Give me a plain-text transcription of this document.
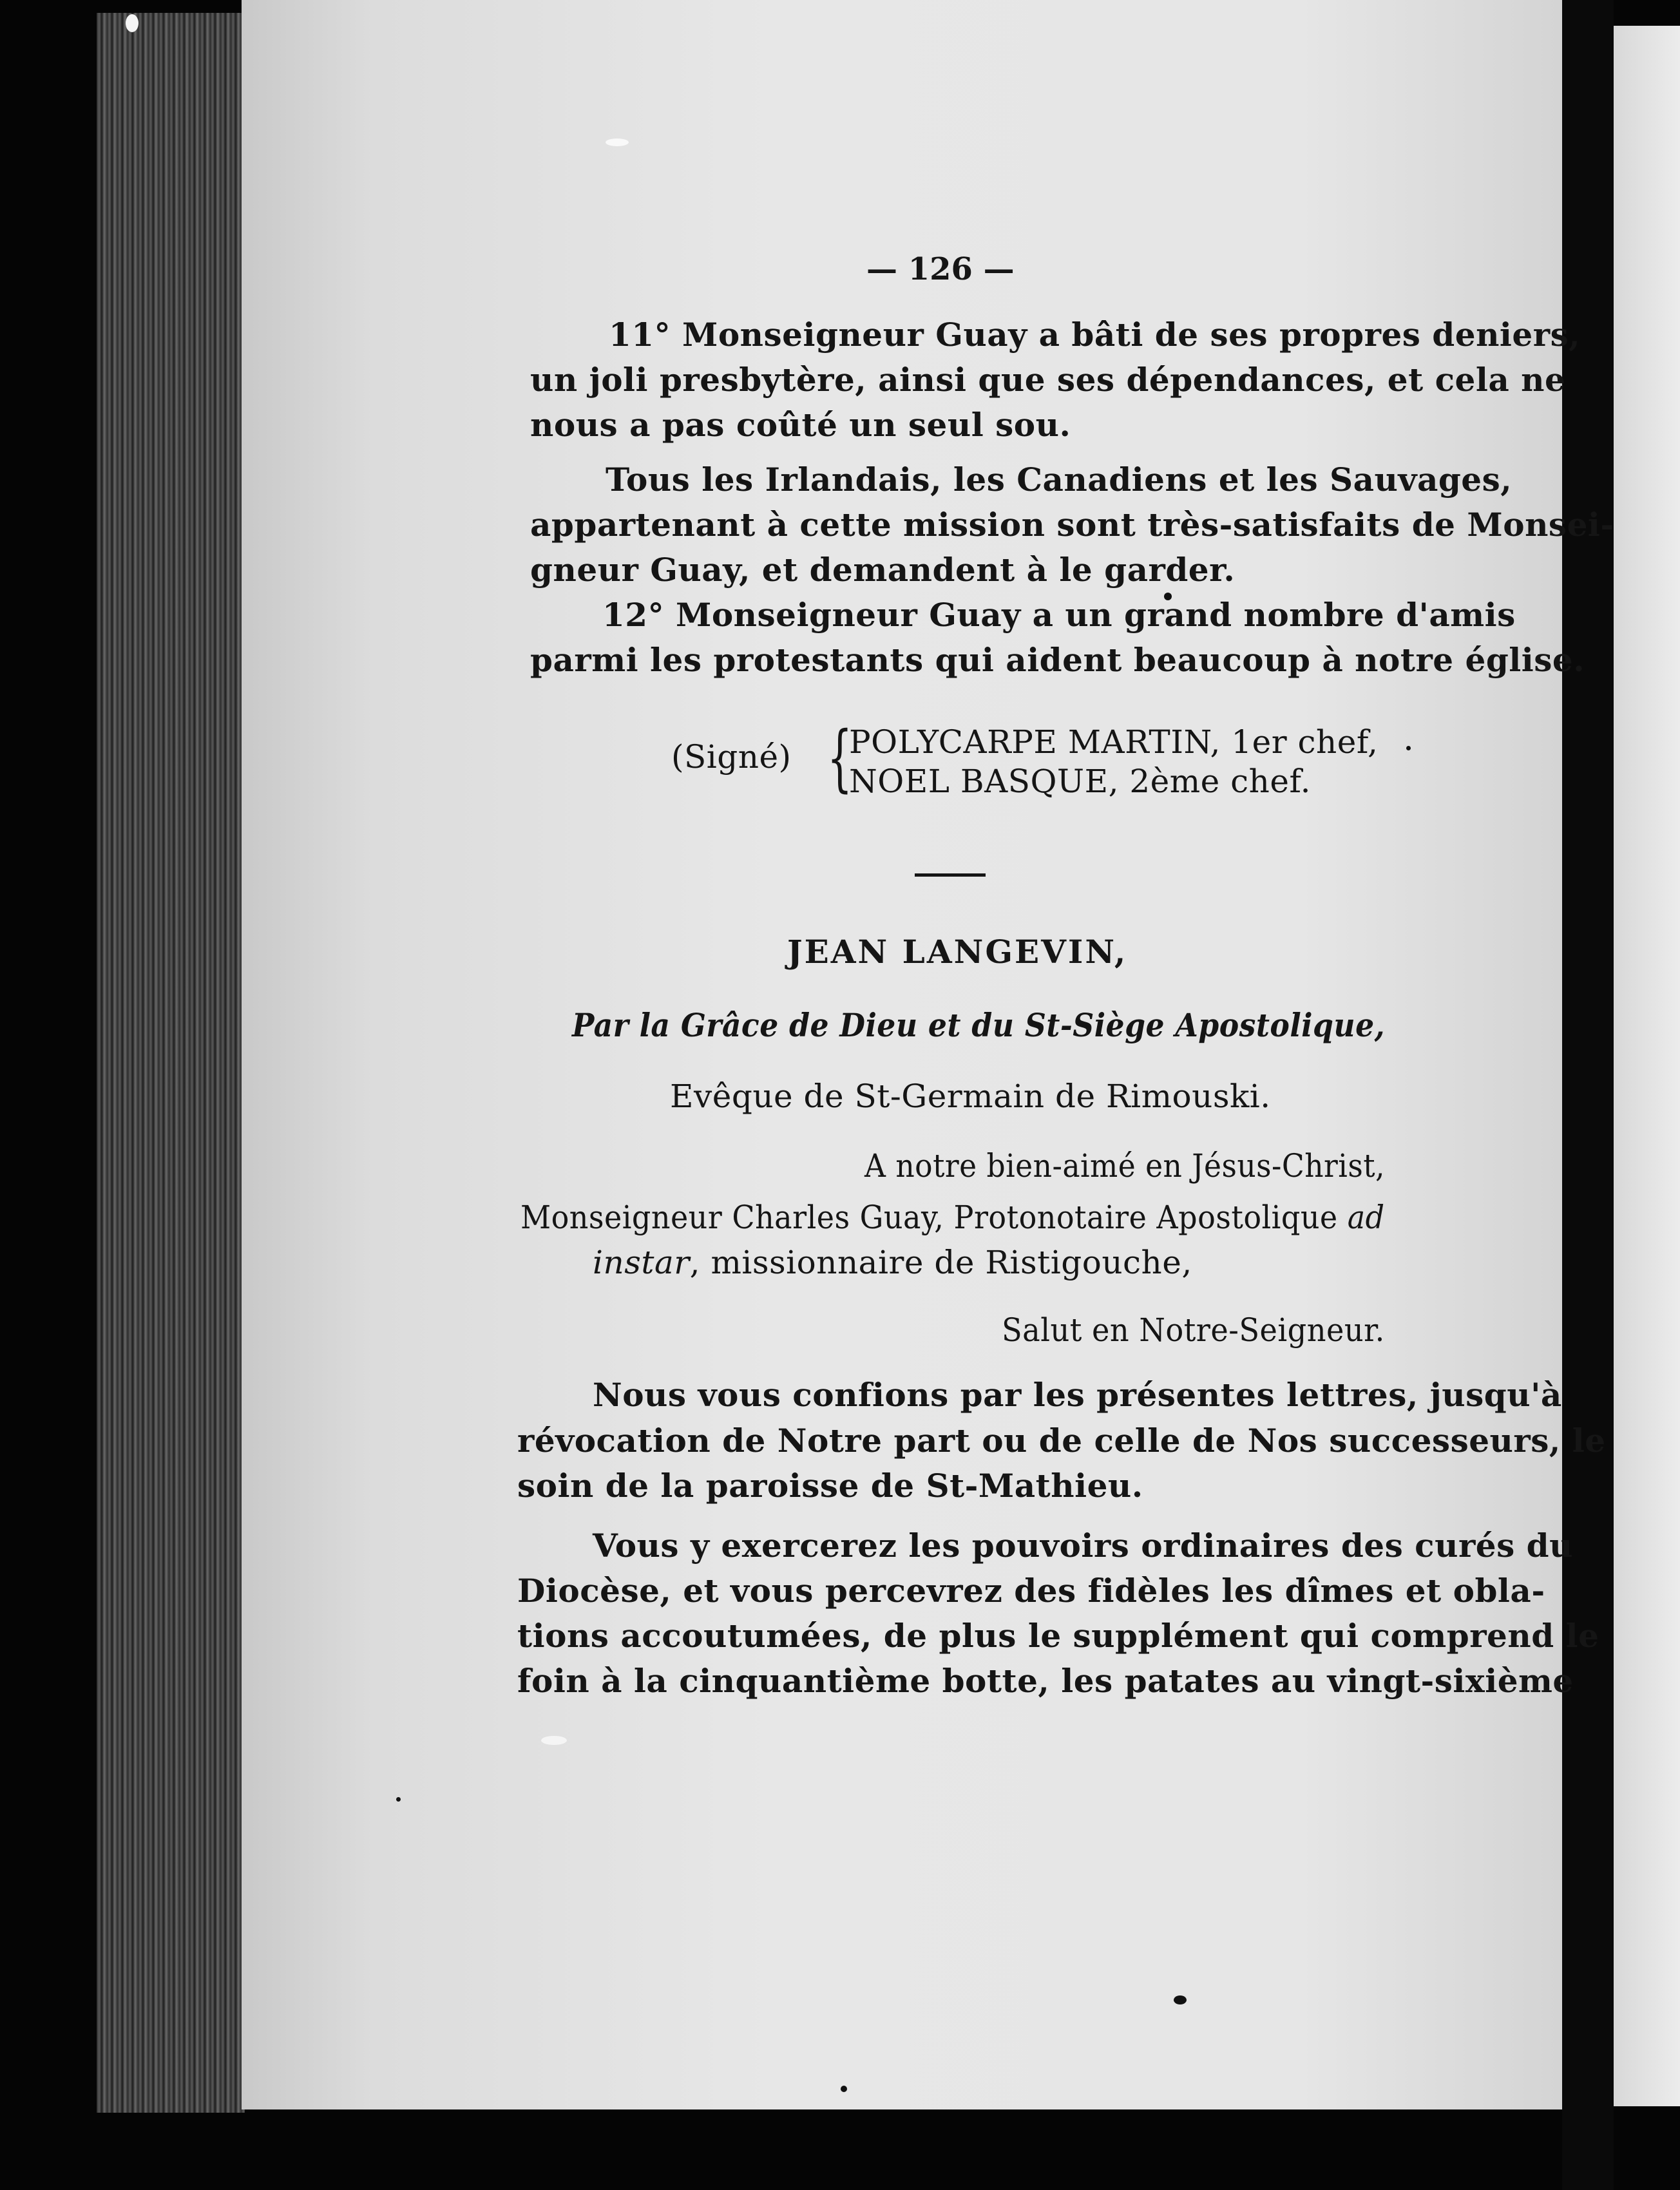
— 126 —
11° Monseigneur Guay a bâti de ses propres deniers,
un joli presbytère, ainsi que ses dépendances, et cela ne
nous a pas coûté un seul sou.
Tous les Irlandais, les Canadiens et les Sauvages,
appartenant à cette mission sont très-satisfaits de Monsei-
gneur Guay, et demandent à le garder.
12° Monseigneur Guay a un grand nombre d'amis
parmi les protestants qui aident beaucoup à notre église.
(Signé) {
POLYCARPE MARTIN, 1er chef,
NOEL BASQUE, 2ème chef.
JEAN LANGEVIN,
Par la Grâce de Dieu et du St-Siège Apostolique,
Evêque de St-Germain de Rimouski.
A notre bien-aimé en Jésus-Christ,
Monseigneur Charles Guay, Protonotaire Apostolique ad
instar, missionnaire de Ristigouche,
Salut en Notre-Seigneur.
Nous vous confions par les présentes lettres, jusqu'à
révocation de Notre part ou de celle de Nos successeurs, le
soin de la paroisse de St-Mathieu.
Vous y exercerez les pouvoirs ordinaires des curés du
Diocèse, et vous percevrez des fidèles les dîmes et obla-
tions accoutumées, de plus le supplément qui comprend le
foin à la cinquantième botte, les patates au vingt-sixième
